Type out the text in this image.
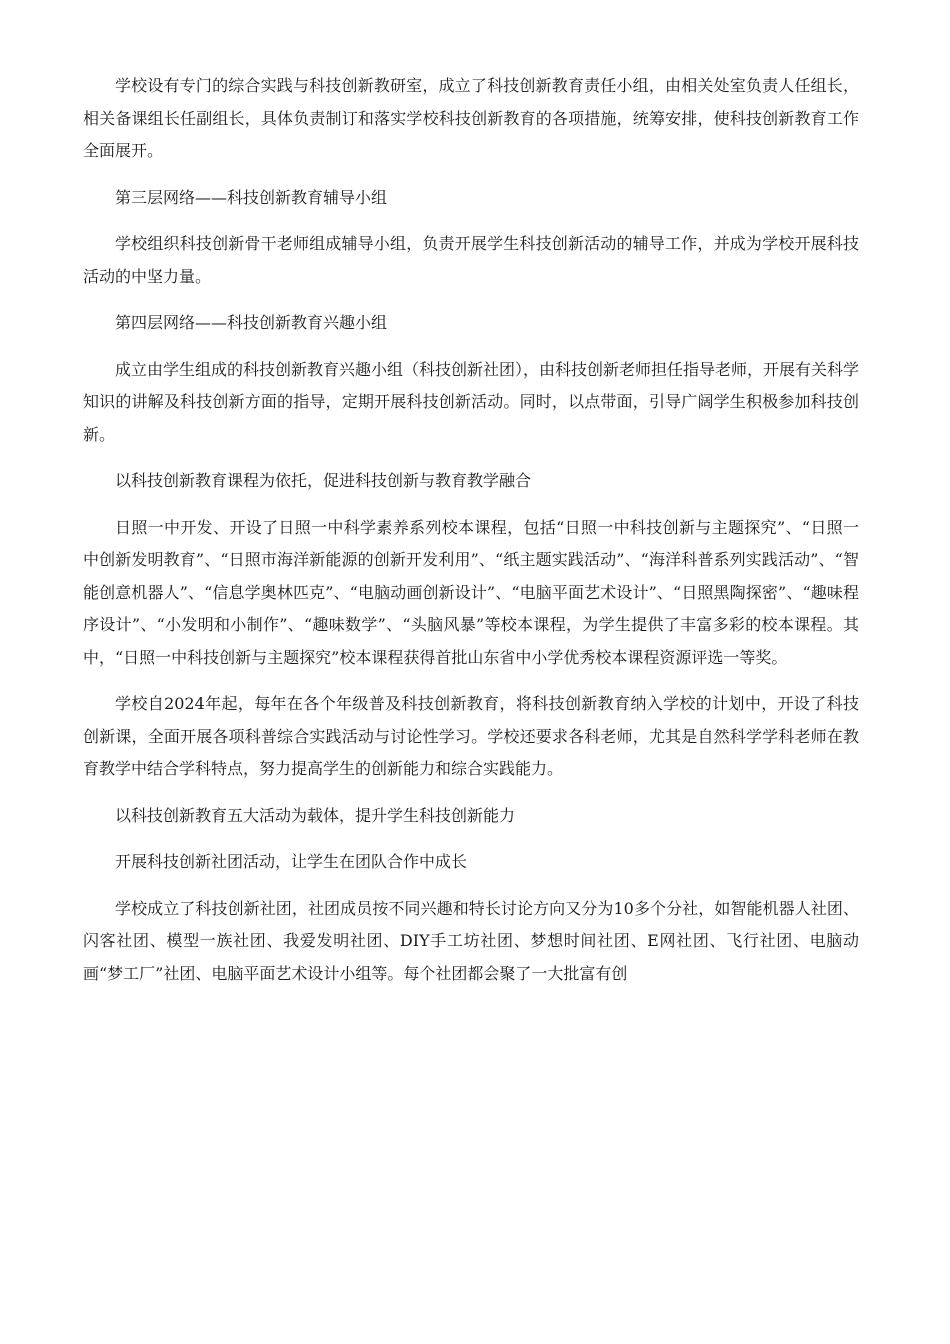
学校设有专门的综合实践与科技创新教研室，成立了科技创新教育责任小组，由相关处室负责人任组长，相关备课组长任副组长，具体负责制订和落实学校科技创新教育的各项措施，统筹安排，使科技创新教育工作全面展开。

第三层网络——科技创新教育辅导小组

学校组织科技创新骨干老师组成辅导小组，负责开展学生科技创新活动的辅导工作，并成为学校开展科技活动的中坚力量。

第四层网络——科技创新教育兴趣小组

成立由学生组成的科技创新教育兴趣小组（科技创新社团），由科技创新老师担任指导老师，开展有关科学知识的讲解及科技创新方面的指导，定期开展科技创新活动。同时，以点带面，引导广阔学生积极参加科技创新。

以科技创新教育课程为依托，促进科技创新与教育教学融合

日照一中开发、开设了日照一中科学素养系列校本课程，包括“日照一中科技创新与主题探究”、“日照一中创新发明教育”、“日照市海洋新能源的创新开发利用”、“纸主题实践活动”、“海洋科普系列实践活动”、“智能创意机器人”、“信息学奥林匹克”、“电脑动画创新设计”、“电脑平面艺术设计”、“日照黑陶探密”、“趣味程序设计”、“小发明和小制作”、“趣味数学”、“头脑风暴”等校本课程，为学生提供了丰富多彩的校本课程。其中，“日照一中科技创新与主题探究”校本课程获得首批山东省中小学优秀校本课程资源评选一等奖。

学校自2024年起，每年在各个年级普及科技创新教育，将科技创新教育纳入学校的计划中，开设了科技创新课，全面开展各项科普综合实践活动与讨论性学习。学校还要求各科老师，尤其是自然科学学科老师在教育教学中结合学科特点，努力提高学生的创新能力和综合实践能力。

以科技创新教育五大活动为载体，提升学生科技创新能力

开展科技创新社团活动，让学生在团队合作中成长

学校成立了科技创新社团，社团成员按不同兴趣和特长讨论方向又分为10多个分社，如智能机器人社团、闪客社团、模型一族社团、我爱发明社团、DIY手工坊社团、梦想时间社团、E网社团、飞行社团、电脑动画“梦工厂”社团、电脑平面艺术设计小组等。每个社团都会聚了一大批富有创
